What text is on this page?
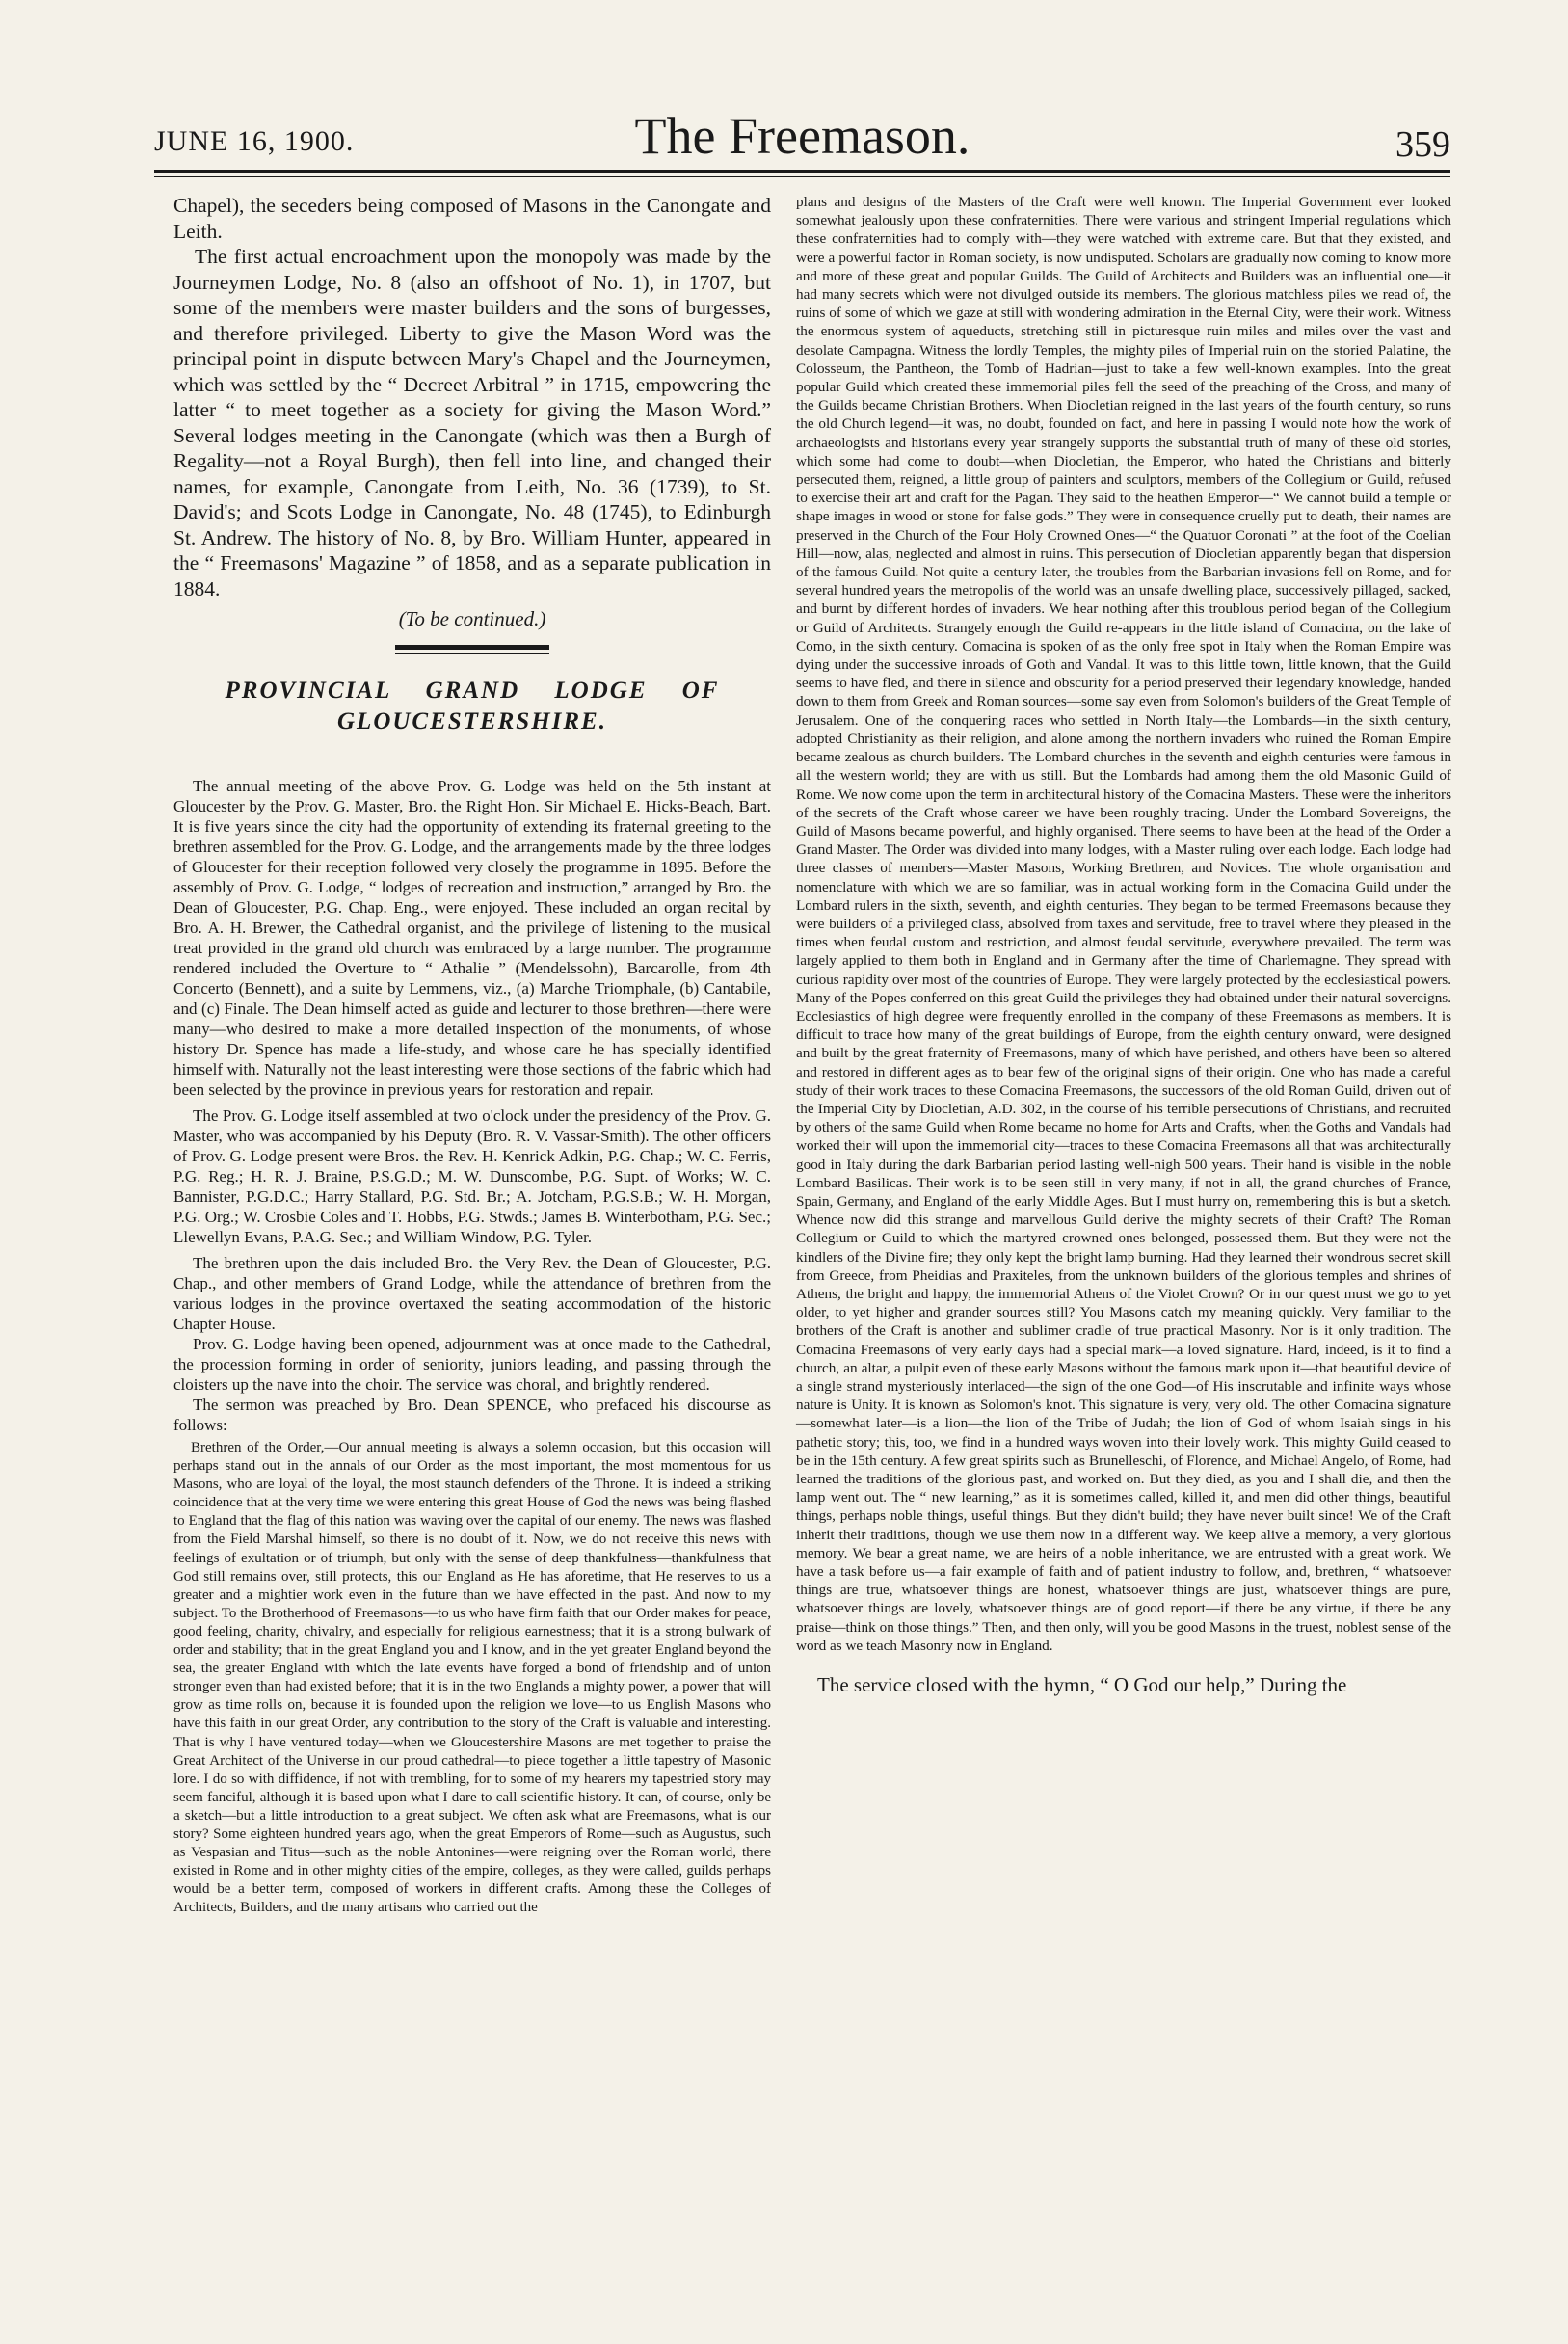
JUNE 16, 1900.	The Freemason.	359

Chapel), the seceders being composed of Masons in the Canongate and Leith.

The first actual encroachment upon the monopoly was made by the Journeymen Lodge, No. 8 (also an offshoot of No. 1), in 1707, but some of the members were master builders and the sons of burgesses, and therefore privileged. Liberty to give the Mason Word was the principal point in dispute between Mary's Chapel and the Journeymen, which was settled by the “ Decreet Arbitral ” in 1715, empowering the latter “ to meet together as a society for giving the Mason Word.” Several lodges meeting in the Canongate (which was then a Burgh of Regality—not a Royal Burgh), then fell into line, and changed their names, for example, Canongate from Leith, No. 36 (1739), to St. David's; and Scots Lodge in Canongate, No. 48 (1745), to Edinburgh St. Andrew. The history of No. 8, by Bro. William Hunter, appeared in the “ Freemasons' Magazine ” of 1858, and as a separate publication in 1884.

(To be continued.)
PROVINCIAL GRAND LODGE OF GLOUCESTERSHIRE.

The annual meeting of the above Prov. G. Lodge was held on the 5th instant at Gloucester by the Prov. G. Master, Bro. the Right Hon. Sir Michael E. Hicks-Beach, Bart. It is five years since the city had the opportunity of extending its fraternal greeting to the brethren assembled for the Prov. G. Lodge, and the arrangements made by the three lodges of Gloucester for their reception followed very closely the programme in 1895. Before the assembly of Prov. G. Lodge, “ lodges of recreation and instruction,” arranged by Bro. the Dean of Gloucester, P.G. Chap. Eng., were enjoyed. These included an organ recital by Bro. A. H. Brewer, the Cathedral organist, and the privilege of listening to the musical treat provided in the grand old church was embraced by a large number. The programme rendered included the Overture to “ Athalie ” (Mendelssohn), Barcarolle, from 4th Concerto (Bennett), and a suite by Lemmens, viz., (a) Marche Triomphale, (b) Cantabile, and (c) Finale. The Dean himself acted as guide and lecturer to those brethren—there were many—who desired to make a more detailed inspection of the monuments, of whose history Dr. Spence has made a life-study, and whose care he has specially identified himself with. Naturally not the least interesting were those sections of the fabric which had been selected by the province in previous years for restoration and repair.

The Prov. G. Lodge itself assembled at two o'clock under the presidency of the Prov. G. Master, who was accompanied by his Deputy (Bro. R. V. Vassar-Smith). The other officers of Prov. G. Lodge present were Bros. the Rev. H. Kenrick Adkin, P.G. Chap.; W. C. Ferris, P.G. Reg.; H. R. J. Braine, P.S.G.D.; M. W. Dunscombe, P.G. Supt. of Works; W. C. Bannister, P.G.D.C.; Harry Stallard, P.G. Std. Br.; A. Jotcham, P.G.S.B.; W. H. Morgan, P.G. Org.; W. Crosbie Coles and T. Hobbs, P.G. Stwds.; James B. Winterbotham, P.G. Sec.; Llewellyn Evans, P.A.G. Sec.; and William Window, P.G. Tyler.

The brethren upon the dais included Bro. the Very Rev. the Dean of Gloucester, P.G. Chap., and other members of Grand Lodge, while the attendance of brethren from the various lodges in the province overtaxed the seating accommodation of the historic Chapter House.

Prov. G. Lodge having been opened, adjournment was at once made to the Cathedral, the procession forming in order of seniority, juniors leading, and passing through the cloisters up the nave into the choir. The service was choral, and brightly rendered.

The sermon was preached by Bro. Dean SPENCE, who prefaced his discourse as follows:

Brethren of the Order,—Our annual meeting is always a solemn occasion, but this occasion will perhaps stand out in the annals of our Order as the most important, the most momentous for us Masons, who are loyal of the loyal, the most staunch defenders of the Throne. It is indeed a striking coincidence that at the very time we were entering this great House of God the news was being flashed to England that the flag of this nation was waving over the capital of our enemy. The news was flashed from the Field Marshal himself, so there is no doubt of it. Now, we do not receive this news with feelings of exultation or of triumph, but only with the sense of deep thankfulness—thankfulness that God still remains over, still protects, this our England as He has aforetime, that He reserves to us a greater and a mightier work even in the future than we have effected in the past. And now to my subject. To the Brotherhood of Freemasons—to us who have firm faith that our Order makes for peace, good feeling, charity, chivalry, and especially for religious earnestness; that it is a strong bulwark of order and stability; that in the great England you and I know, and in the yet greater England beyond the sea, the greater England with which the late events have forged a bond of friendship and of union stronger even than had existed before; that it is in the two Englands a mighty power, a power that will grow as time rolls on, because it is founded upon the religion we love—to us English Masons who have this faith in our great Order, any contribution to the story of the Craft is valuable and interesting. That is why I have ventured today—when we Gloucestershire Masons are met together to praise the Great Architect of the Universe in our proud cathedral—to piece together a little tapestry of Masonic lore. I do so with diffidence, if not with trembling, for to some of my hearers my tapestried story may seem fanciful, although it is based upon what I dare to call scientific history. It can, of course, only be a sketch—but a little introduction to a great subject. We often ask what are Freemasons, what is our story? Some eighteen hundred years ago, when the great Emperors of Rome—such as Augustus, such as Vespasian and Titus—such as the noble Antonines—were reigning over the Roman world, there existed in Rome and in other mighty cities of the empire, colleges, as they were called, guilds perhaps would be a better term, composed of workers in different crafts. Among these the Colleges of Architects, Builders, and the many artisans who carried out the

plans and designs of the Masters of the Craft were well known. The Imperial Government ever looked somewhat jealously upon these confraternities. There were various and stringent Imperial regulations which these confraternities had to comply with—they were watched with extreme care. But that they existed, and were a powerful factor in Roman society, is now undisputed. Scholars are gradually now coming to know more and more of these great and popular Guilds. The Guild of Architects and Builders was an influential one—it had many secrets which were not divulged outside its members. The glorious matchless piles we read of, the ruins of some of which we gaze at still with wondering admiration in the Eternal City, were their work. Witness the enormous system of aqueducts, stretching still in picturesque ruin miles and miles over the vast and desolate Campagna. Witness the lordly Temples, the mighty piles of Imperial ruin on the storied Palatine, the Colosseum, the Pantheon, the Tomb of Hadrian—just to take a few well-known examples. Into the great popular Guild which created these immemorial piles fell the seed of the preaching of the Cross, and many of the Guilds became Christian Brothers. When Diocletian reigned in the last years of the fourth century, so runs the old Church legend—it was, no doubt, founded on fact, and here in passing I would note how the work of archaeologists and historians every year strangely supports the substantial truth of many of these old stories, which some had come to doubt—when Diocletian, the Emperor, who hated the Christians and bitterly persecuted them, reigned, a little group of painters and sculptors, members of the Collegium or Guild, refused to exercise their art and craft for the Pagan. They said to the heathen Emperor—“ We cannot build a temple or shape images in wood or stone for false gods.” They were in consequence cruelly put to death, their names are preserved in the Church of the Four Holy Crowned Ones—“ the Quatuor Coronati ” at the foot of the Coelian Hill—now, alas, neglected and almost in ruins. This persecution of Diocletian apparently began that dispersion of the famous Guild. Not quite a century later, the troubles from the Barbarian invasions fell on Rome, and for several hundred years the metropolis of the world was an unsafe dwelling place, successively pillaged, sacked, and burnt by different hordes of invaders. We hear nothing after this troublous period began of the Collegium or Guild of Architects. Strangely enough the Guild re-appears in the little island of Comacina, on the lake of Como, in the sixth century. Comacina is spoken of as the only free spot in Italy when the Roman Empire was dying under the successive inroads of Goth and Vandal. It was to this little town, little known, that the Guild seems to have fled, and there in silence and obscurity for a period preserved their legendary knowledge, handed down to them from Greek and Roman sources—some say even from Solomon's builders of the Great Temple of Jerusalem. One of the conquering races who settled in North Italy—the Lombards—in the sixth century, adopted Christianity as their religion, and alone among the northern invaders who ruined the Roman Empire became zealous as church builders. The Lombard churches in the seventh and eighth centuries were famous in all the western world; they are with us still. But the Lombards had among them the old Masonic Guild of Rome. We now come upon the term in architectural history of the Comacina Masters. These were the inheritors of the secrets of the Craft whose career we have been roughly tracing. Under the Lombard Sovereigns, the Guild of Masons became powerful, and highly organised. There seems to have been at the head of the Order a Grand Master. The Order was divided into many lodges, with a Master ruling over each lodge. Each lodge had three classes of members—Master Masons, Working Brethren, and Novices. The whole organisation and nomenclature with which we are so familiar, was in actual working form in the Comacina Guild under the Lombard rulers in the sixth, seventh, and eighth centuries. They began to be termed Freemasons because they were builders of a privileged class, absolved from taxes and servitude, free to travel where they pleased in the times when feudal custom and restriction, and almost feudal servitude, everywhere prevailed. The term was largely applied to them both in England and in Germany after the time of Charlemagne. They spread with curious rapidity over most of the countries of Europe. They were largely protected by the ecclesiastical powers. Many of the Popes conferred on this great Guild the privileges they had obtained under their natural sovereigns. Ecclesiastics of high degree were frequently enrolled in the company of these Freemasons as members. It is difficult to trace how many of the great buildings of Europe, from the eighth century onward, were designed and built by the great fraternity of Freemasons, many of which have perished, and others have been so altered and restored in different ages as to bear few of the original signs of their origin. One who has made a careful study of their work traces to these Comacina Freemasons, the successors of the old Roman Guild, driven out of the Imperial City by Diocletian, A.D. 302, in the course of his terrible persecutions of Christians, and recruited by others of the same Guild when Rome became no home for Arts and Crafts, when the Goths and Vandals had worked their will upon the immemorial city—traces to these Comacina Freemasons all that was architecturally good in Italy during the dark Barbarian period lasting well-nigh 500 years. Their hand is visible in the noble Lombard Basilicas. Their work is to be seen still in very many, if not in all, the grand churches of France, Spain, Germany, and England of the early Middle Ages. But I must hurry on, remembering this is but a sketch. Whence now did this strange and marvellous Guild derive the mighty secrets of their Craft? The Roman Collegium or Guild to which the martyred crowned ones belonged, possessed them. But they were not the kindlers of the Divine fire; they only kept the bright lamp burning. Had they learned their wondrous secret skill from Greece, from Pheidias and Praxiteles, from the unknown builders of the glorious temples and shrines of Athens, the bright and happy, the immemorial Athens of the Violet Crown? Or in our quest must we go to yet older, to yet higher and grander sources still? You Masons catch my meaning quickly. Very familiar to the brothers of the Craft is another and sublimer cradle of true practical Masonry. Nor is it only tradition. The Comacina Freemasons of very early days had a special mark—a loved signature. Hard, indeed, is it to find a church, an altar, a pulpit even of these early Masons without the famous mark upon it—that beautiful device of a single strand mysteriously interlaced—the sign of the one God—of His inscrutable and infinite ways whose nature is Unity. It is known as Solomon's knot. This signature is very, very old. The other Comacina signature—somewhat later—is a lion—the lion of the Tribe of Judah; the lion of God of whom Isaiah sings in his pathetic story; this, too, we find in a hundred ways woven into their lovely work. This mighty Guild ceased to be in the 15th century. A few great spirits such as Brunelleschi, of Florence, and Michael Angelo, of Rome, had learned the traditions of the glorious past, and worked on. But they died, as you and I shall die, and then the lamp went out. The “ new learning,” as it is sometimes called, killed it, and men did other things, beautiful things, perhaps noble things, useful things. But they didn't build; they have never built since! We of the Craft inherit their traditions, though we use them now in a different way. We keep alive a memory, a very glorious memory. We bear a great name, we are heirs of a noble inheritance, we are entrusted with a great work. We have a task before us—a fair example of faith and of patient industry to follow, and, brethren, “ whatsoever things are true, whatsoever things are honest, whatsoever things are just, whatsoever things are pure, whatsoever things are lovely, whatsoever things are of good report—if there be any virtue, if there be any praise—think on those things.” Then, and then only, will you be good Masons in the truest, noblest sense of the word as we teach Masonry now in England.

The service closed with the hymn, “ O God our help,” During the
